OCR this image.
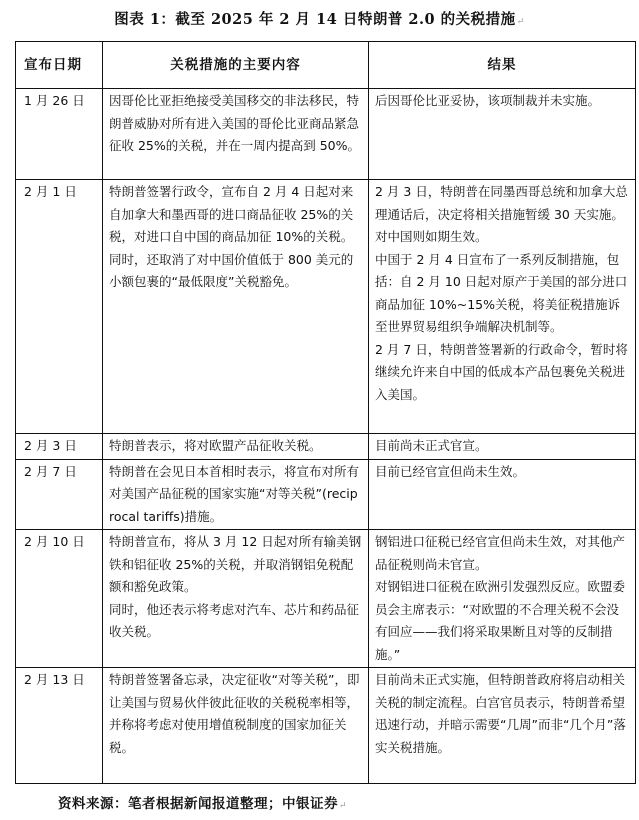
图表 1：截至 2025 年 2 月 14 日特朗普 2.0 的关税措施↵
宣布日期	关税措施的主要内容	结果
1 月 26 日	因哥伦比亚拒绝接受美国移交的非法移民，特朗普威胁对所有进入美国的哥伦比亚商品紧急征收 25%的关税，并在一周内提高到 50%。	后因哥伦比亚妥协，该项制裁并未实施。

2 月 1 日	特朗普签署行政令，宣布自 2 月 4 日起对来自加拿大和墨西哥的进口商品征收 25%的关税，对进口自中国的商品加征 10%的关税。同时，还取消了对中国价值低于 800 美元的小额包裹的“最低限度”关税豁免。	2 月 3 日，特朗普在同墨西哥总统和加拿大总理通话后，决定将相关措施暂缓 30 天实施。对中国则如期生效。
中国于 2 月 4 日宣布了一系列反制措施，包括：自 2 月 10 日起对原产于美国的部分进口商品加征 10%~15%关税，将美征税措施诉至世界贸易组织争端解决机制等。
2 月 7 日，特朗普签署新的行政命令，暂时将继续允许来自中国的低成本产品包裹免关税进入美国。

2 月 3 日	特朗普表示，将对欧盟产品征收关税。	目前尚未正式官宣。

2 月 7 日	特朗普在会见日本首相时表示，将宣布对所有对美国产品征税的国家实施“对等关税”(reciprocal tariffs)措施。	目前已经官宣但尚未生效。

2 月 10 日	特朗普宣布，将从 3 月 12 日起对所有输美钢铁和铝征收 25%的关税，并取消钢铝免税配额和豁免政策。
同时，他还表示将考虑对汽车、芯片和药品征收关税。	钢铝进口征税已经官宣但尚未生效，对其他产品征税则尚未官宣。
对钢铝进口征税在欧洲引发强烈反应。欧盟委员会主席表示：“对欧盟的不合理关税不会没有回应——我们将采取果断且对等的反制措施。”

2 月 13 日	特朗普签署备忘录，决定征收“对等关税”，即让美国与贸易伙伴彼此征收的关税税率相等，并称将考虑对使用增值税制度的国家加征关税。	目前尚未正式实施，但特朗普政府将启动相关关税的制定流程。白宫官员表示，特朗普希望迅速行动，并暗示需要“几周”而非“几个月”落实关税措施。
资料来源：笔者根据新闻报道整理；中银证券↵
